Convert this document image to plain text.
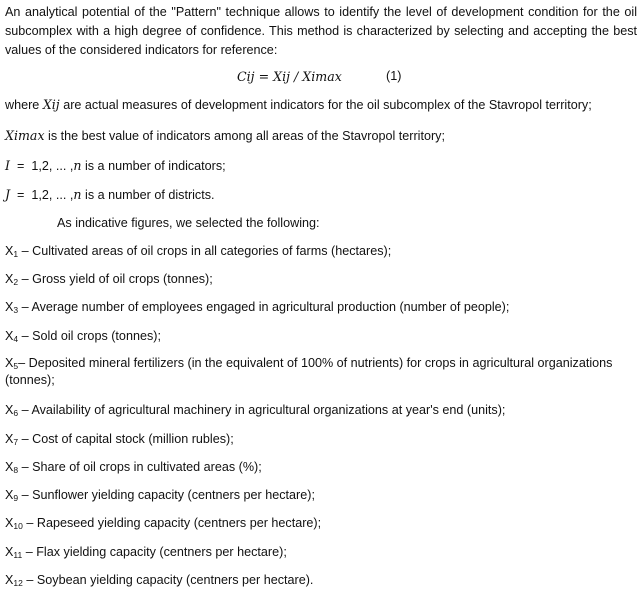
An analytical potential of the "Pattern" technique allows to identify the level of development condition for the oil subcomplex with a high degree of confidence. This method is characterized by selecting and accepting the best values of the considered indicators for reference:
Cij = Xij / Ximax	(1)
where Xij are actual measures of development indicators for the oil subcomplex of the Stavropol territory;
Ximax is the best value of indicators among all areas of the Stavropol territory;
I  =  1,2, ... ,n is a number of indicators;
J  =  1,2, ... ,n is a number of districts.
As indicative figures, we selected the following:
$X_1$ – Cultivated areas of oil crops in all categories of farms (hectares);
$X_2$ – Gross yield of oil crops (tonnes);
$X_3$ – Average number of employees engaged in agricultural production (number of people);
$X_4$ – Sold oil crops (tonnes);
$X_5-$ Deposited mineral fertilizers (in the equivalent of 100% of nutrients) for crops in agricultural organizations (tonnes);
$X_6$ – Availability of agricultural machinery in agricultural organizations at year's end (units);
$X_7$ – Cost of capital stock (million rubles);
$X_8$ – Share of oil crops in cultivated areas (%);
$X_9$ – Sunflower yielding capacity (centners per hectare);
$X_{10}$ – Rapeseed yielding capacity (centners per hectare);
$X_{11}$ – Flax yielding capacity (centners per hectare);
$X_{12}$ – Soybean yielding capacity (centners per hectare).
